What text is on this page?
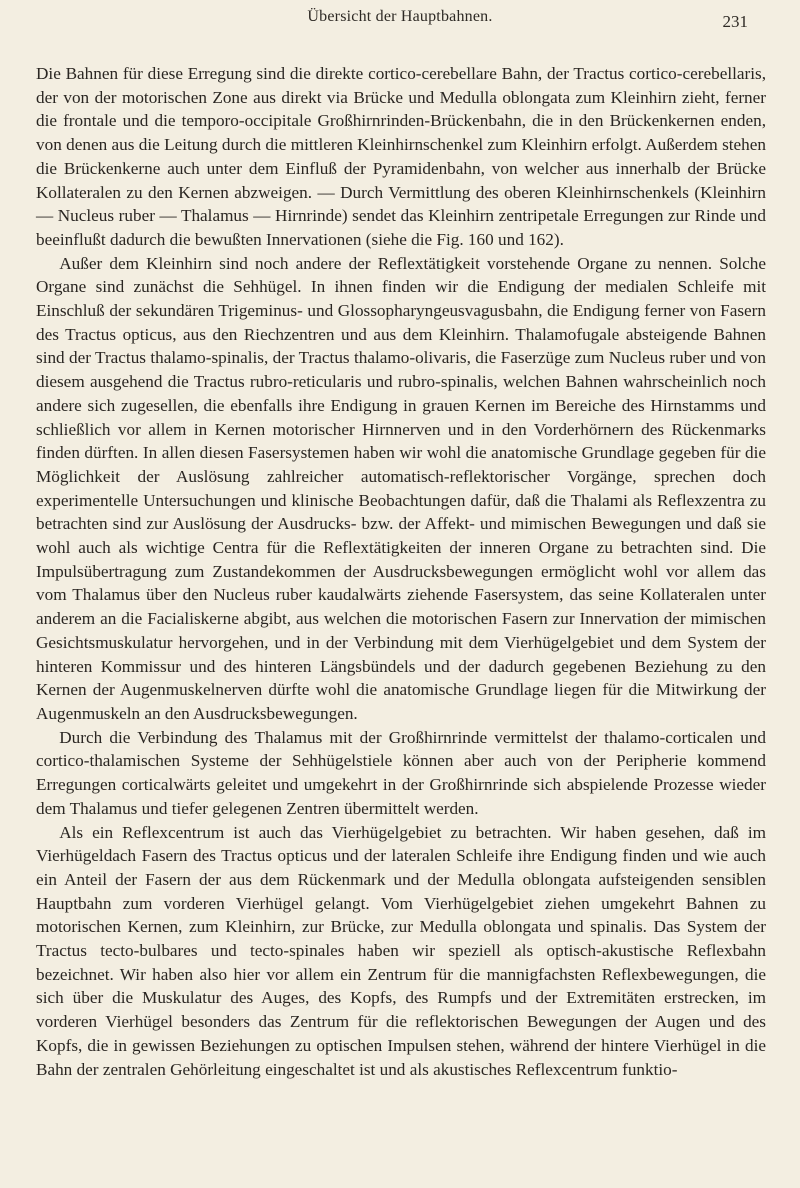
Übersicht der Hauptbahnen.	231

Die Bahnen für diese Erregung sind die direkte cortico-cerebellare Bahn, der Tractus cortico-cerebellaris, der von der motorischen Zone aus direkt via Brücke und Medulla oblongata zum Kleinhirn zieht, ferner die frontale und die temporo-occipitale Großhirnrinden-Brückenbahn, die in den Brückenkernen enden, von denen aus die Leitung durch die mittleren Kleinhirnschenkel zum Kleinhirn erfolgt. Außerdem stehen die Brückenkerne auch unter dem Einfluß der Pyramidenbahn, von welcher aus innerhalb der Brücke Kollateralen zu den Kernen abzweigen. — Durch Vermittlung des oberen Kleinhirnschenkels (Kleinhirn — Nucleus ruber — Thalamus — Hirnrinde) sendet das Kleinhirn zentripetale Erregungen zur Rinde und beeinflußt dadurch die bewußten Innervationen (siehe die Fig. 160 und 162).

Außer dem Kleinhirn sind noch andere der Reflextätigkeit vorstehende Organe zu nennen. Solche Organe sind zunächst die Sehhügel. In ihnen finden wir die Endigung der medialen Schleife mit Einschluß der sekundären Trigeminus- und Glossopharyngeusvagusbahn, die Endigung ferner von Fasern des Tractus opticus, aus den Riechzentren und aus dem Kleinhirn. Thalamofugale absteigende Bahnen sind der Tractus thalamo-spinalis, der Tractus thalamo-olivaris, die Faserzüge zum Nucleus ruber und von diesem ausgehend die Tractus rubro-reticularis und rubro-spinalis, welchen Bahnen wahrscheinlich noch andere sich zugesellen, die ebenfalls ihre Endigung in grauen Kernen im Bereiche des Hirnstamms und schließlich vor allem in Kernen motorischer Hirnnerven und in den Vorderhörnern des Rückenmarks finden dürften. In allen diesen Fasersystemen haben wir wohl die anatomische Grundlage gegeben für die Möglichkeit der Auslösung zahlreicher automatisch-reflektorischer Vorgänge, sprechen doch experimentelle Untersuchungen und klinische Beobachtungen dafür, daß die Thalami als Reflexzentra zu betrachten sind zur Auslösung der Ausdrucks- bzw. der Affekt- und mimischen Bewegungen und daß sie wohl auch als wichtige Centra für die Reflextätigkeiten der inneren Organe zu betrachten sind. Die Impulsübertragung zum Zustandekommen der Ausdrucksbewegungen ermöglicht wohl vor allem das vom Thalamus über den Nucleus ruber kaudalwärts ziehende Fasersystem, das seine Kollateralen unter anderem an die Facialiskerne abgibt, aus welchen die motorischen Fasern zur Innervation der mimischen Gesichtsmuskulatur hervorgehen, und in der Verbindung mit dem Vierhügelgebiet und dem System der hinteren Kommissur und des hinteren Längsbündels und der dadurch gegebenen Beziehung zu den Kernen der Augenmuskelnerven dürfte wohl die anatomische Grundlage liegen für die Mitwirkung der Augenmuskeln an den Ausdrucksbewegungen.

Durch die Verbindung des Thalamus mit der Großhirnrinde vermittelst der thalamo-corticalen und cortico-thalamischen Systeme der Sehhügelstiele können aber auch von der Peripherie kommend Erregungen corticalwärts geleitet und umgekehrt in der Großhirnrinde sich abspielende Prozesse wieder dem Thalamus und tiefer gelegenen Zentren übermittelt werden.

Als ein Reflexcentrum ist auch das Vierhügelgebiet zu betrachten. Wir haben gesehen, daß im Vierhügeldach Fasern des Tractus opticus und der lateralen Schleife ihre Endigung finden und wie auch ein Anteil der Fasern der aus dem Rückenmark und der Medulla oblongata aufsteigenden sensiblen Hauptbahn zum vorderen Vierhügel gelangt. Vom Vierhügelgebiet ziehen umgekehrt Bahnen zu motorischen Kernen, zum Kleinhirn, zur Brücke, zur Medulla oblongata und spinalis. Das System der Tractus tecto-bulbares und tecto-spinales haben wir speziell als optisch-akustische Reflexbahn bezeichnet. Wir haben also hier vor allem ein Zentrum für die mannigfachsten Reflexbewegungen, die sich über die Muskulatur des Auges, des Kopfs, des Rumpfs und der Extremitäten erstrecken, im vorderen Vierhügel besonders das Zentrum für die reflektorischen Bewegungen der Augen und des Kopfs, die in gewissen Beziehungen zu optischen Impulsen stehen, während der hintere Vierhügel in die Bahn der zentralen Gehörleitung eingeschaltet ist und als akustisches Reflexcentrum funktio-
